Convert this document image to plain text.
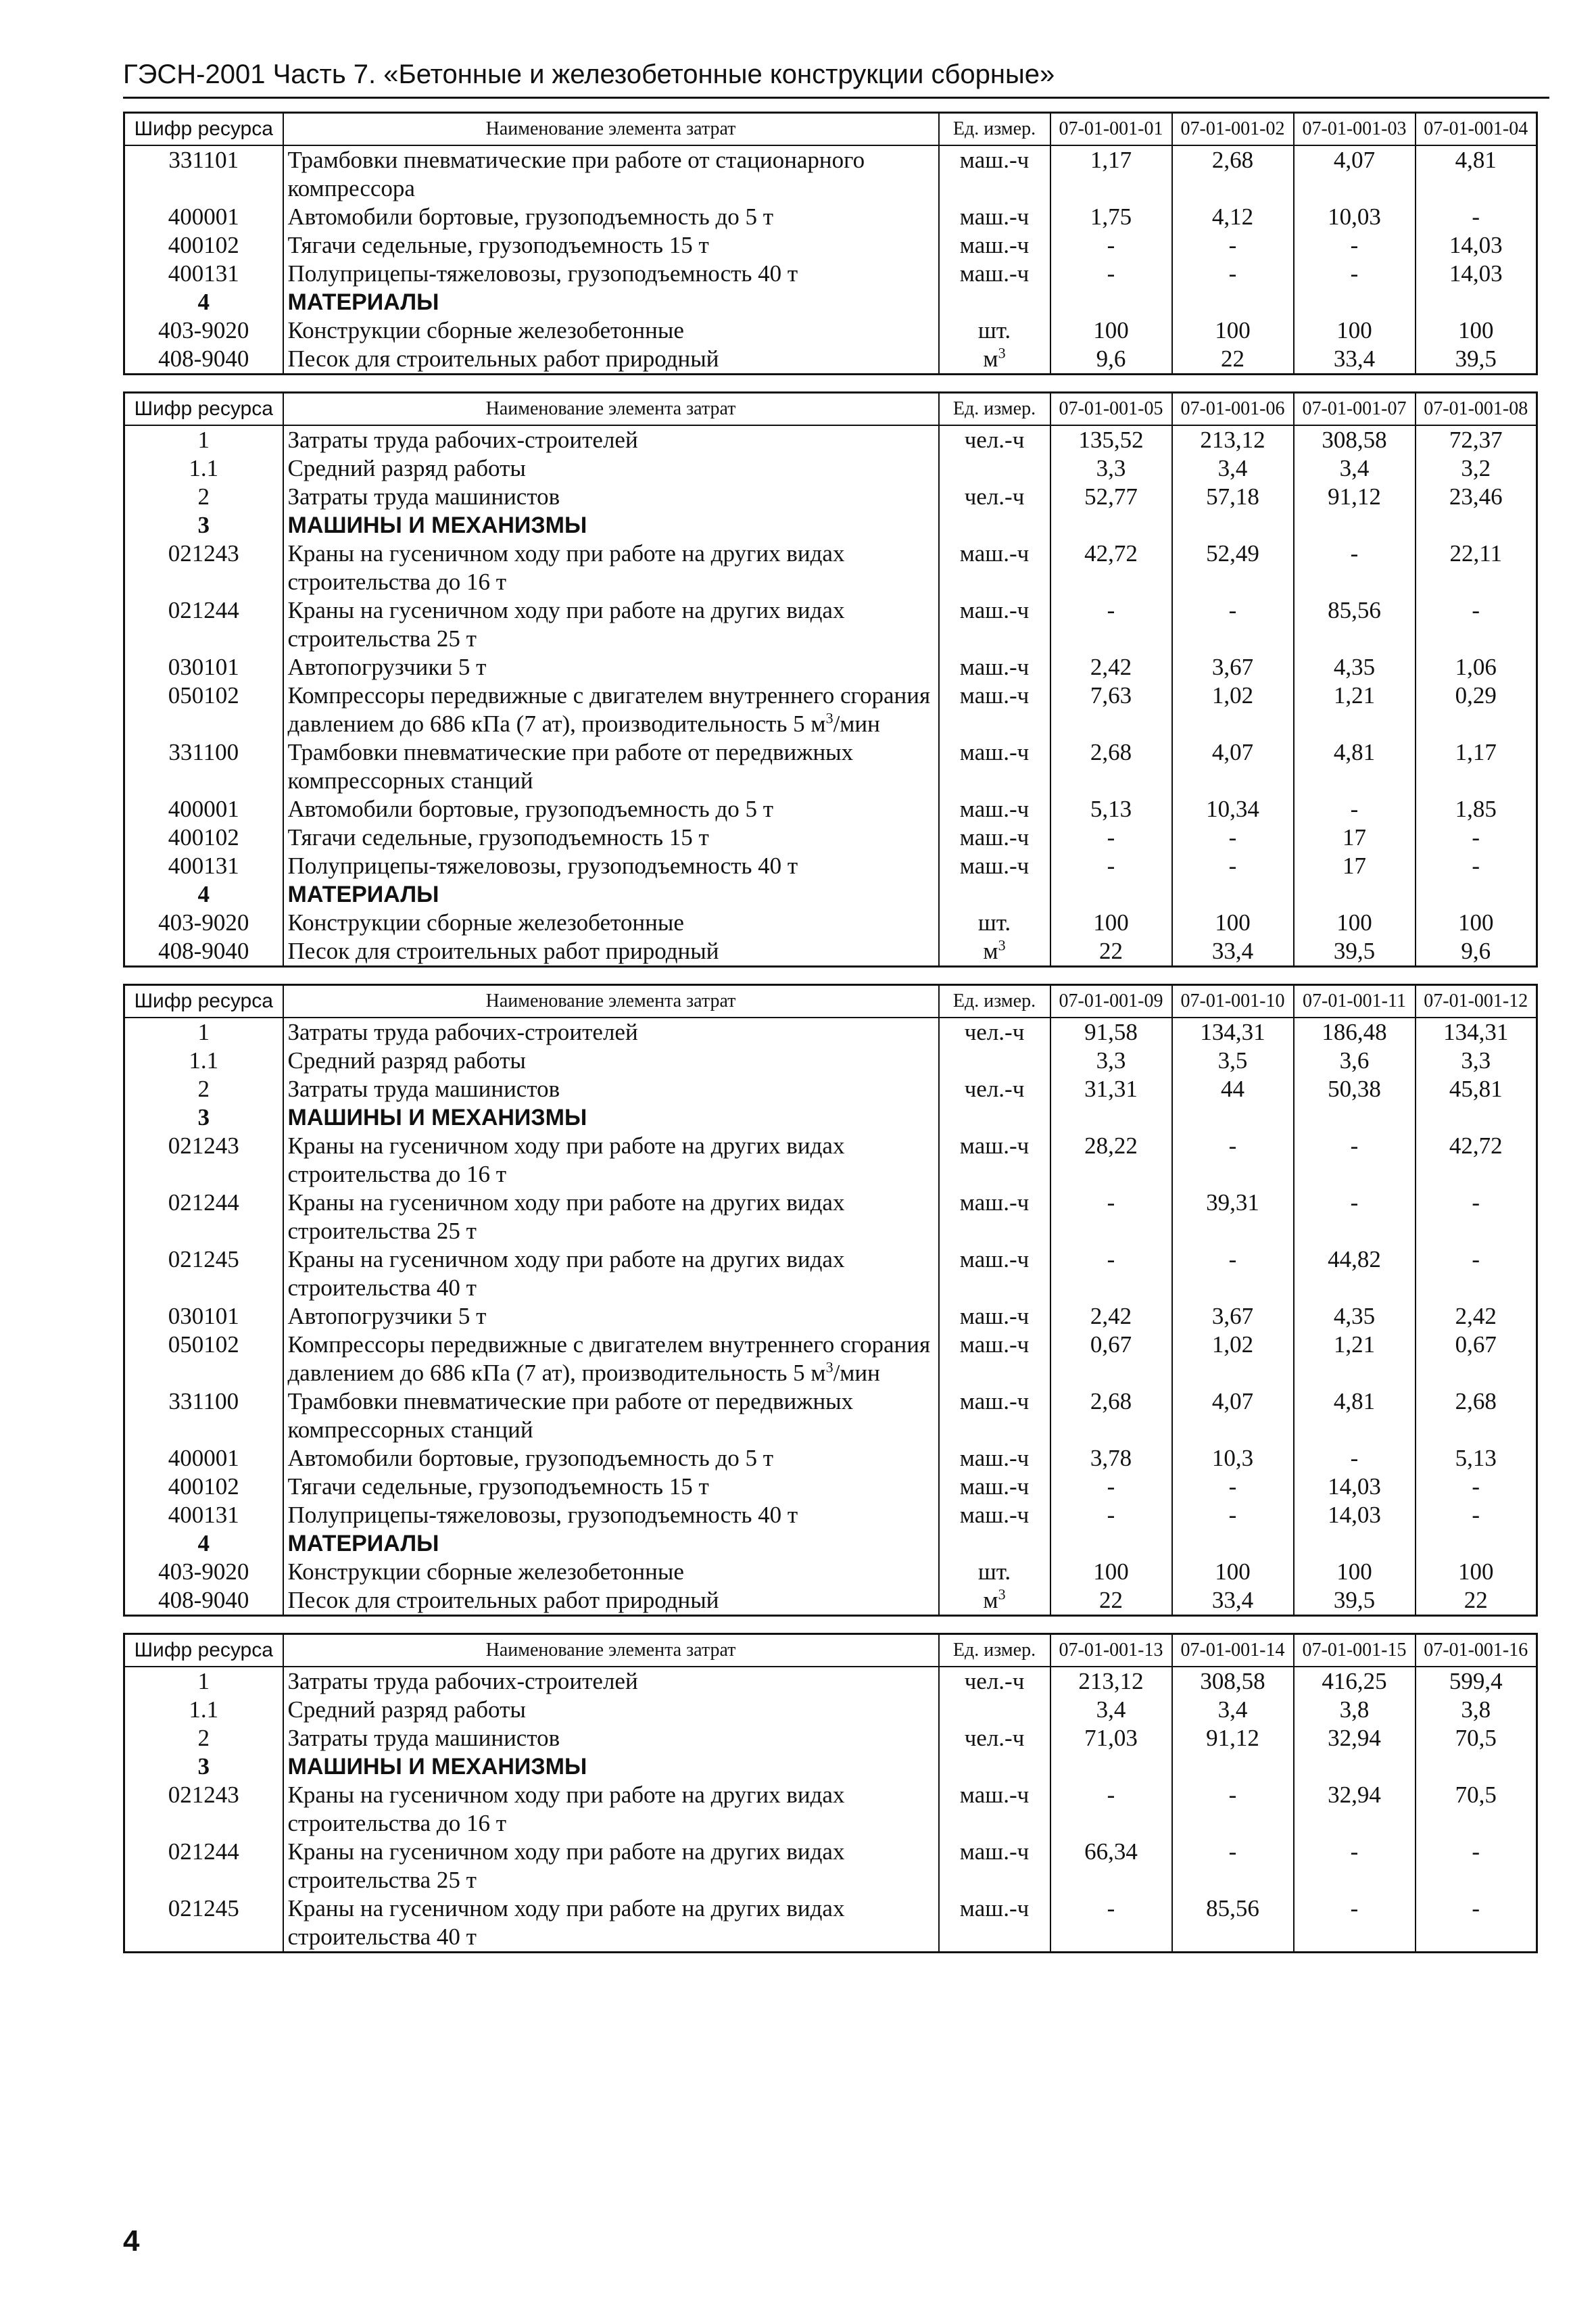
ГЭСН-2001 Часть 7. «Бетонные и железобетонные конструкции сборные»
Шифр ресурса	Наименование элемента затрат	Ед. измер.	07-01-001-01	07-01-001-02	07-01-001-03	07-01-001-04
331101	Трамбовки пневматические при работе от стационарного компрессора	маш.-ч	1,17	2,68	4,07	4,81
400001	Автомобили бортовые, грузоподъемность до 5 т	маш.-ч	1,75	4,12	10,03	-
400102	Тягачи седельные, грузоподъемность 15 т	маш.-ч	-	-	-	14,03
400131	Полуприцепы-тяжеловозы, грузоподъемность 40 т	маш.-ч	-	-	-	14,03
4	МАТЕРИАЛЫ					
403-9020	Конструкции сборные железобетонные	шт.	100	100	100	100
408-9040	Песок для строительных работ природный	$м^3$	9,6	22	33,4	39,5
Шифр ресурса	Наименование элемента затрат	Ед. измер.	07-01-001-05	07-01-001-06	07-01-001-07	07-01-001-08
1	Затраты труда рабочих-строителей	чел.-ч	135,52	213,12	308,58	72,37
1.1	Средний разряд работы		3,3	3,4	3,4	3,2
2	Затраты труда машинистов	чел.-ч	52,77	57,18	91,12	23,46
3	МАШИНЫ И МЕХАНИЗМЫ					
021243	Краны на гусеничном ходу при работе на других видах строительства до 16 т	маш.-ч	42,72	52,49	-	22,11
021244	Краны на гусеничном ходу при работе на других видах строительства 25 т	маш.-ч	-	-	85,56	-
030101	Автопогрузчики 5 т	маш.-ч	2,42	3,67	4,35	1,06
050102	Компрессоры передвижные с двигателем внутреннего сгорания давлением до 686 кПа (7 ат), производительность 5 $м^3$/мин	маш.-ч	7,63	1,02	1,21	0,29
331100	Трамбовки пневматические при работе от передвижных компрессорных станций	маш.-ч	2,68	4,07	4,81	1,17
400001	Автомобили бортовые, грузоподъемность до 5 т	маш.-ч	5,13	10,34	-	1,85
400102	Тягачи седельные, грузоподъемность 15 т	маш.-ч	-	-	17	-
400131	Полуприцепы-тяжеловозы, грузоподъемность 40 т	маш.-ч	-	-	17	-
4	МАТЕРИАЛЫ					
403-9020	Конструкции сборные железобетонные	шт.	100	100	100	100
408-9040	Песок для строительных работ природный	$м^3$	22	33,4	39,5	9,6
Шифр ресурса	Наименование элемента затрат	Ед. измер.	07-01-001-09	07-01-001-10	07-01-001-11	07-01-001-12
1	Затраты труда рабочих-строителей	чел.-ч	91,58	134,31	186,48	134,31
1.1	Средний разряд работы		3,3	3,5	3,6	3,3
2	Затраты труда машинистов	чел.-ч	31,31	44	50,38	45,81
3	МАШИНЫ И МЕХАНИЗМЫ					
021243	Краны на гусеничном ходу при работе на других видах строительства до 16 т	маш.-ч	28,22	-	-	42,72
021244	Краны на гусеничном ходу при работе на других видах строительства 25 т	маш.-ч	-	39,31	-	-
021245	Краны на гусеничном ходу при работе на других видах строительства 40 т	маш.-ч	-	-	44,82	-
030101	Автопогрузчики 5 т	маш.-ч	2,42	3,67	4,35	2,42
050102	Компрессоры передвижные с двигателем внутреннего сгорания давлением до 686 кПа (7 ат), производительность 5 $м^3$/мин	маш.-ч	0,67	1,02	1,21	0,67
331100	Трамбовки пневматические при работе от передвижных компрессорных станций	маш.-ч	2,68	4,07	4,81	2,68
400001	Автомобили бортовые, грузоподъемность до 5 т	маш.-ч	3,78	10,3	-	5,13
400102	Тягачи седельные, грузоподъемность 15 т	маш.-ч	-	-	14,03	-
400131	Полуприцепы-тяжеловозы, грузоподъемность 40 т	маш.-ч	-	-	14,03	-
4	МАТЕРИАЛЫ					
403-9020	Конструкции сборные железобетонные	шт.	100	100	100	100
408-9040	Песок для строительных работ природный	$м^3$	22	33,4	39,5	22
Шифр ресурса	Наименование элемента затрат	Ед. измер.	07-01-001-13	07-01-001-14	07-01-001-15	07-01-001-16
1	Затраты труда рабочих-строителей	чел.-ч	213,12	308,58	416,25	599,4
1.1	Средний разряд работы		3,4	3,4	3,8	3,8
2	Затраты труда машинистов	чел.-ч	71,03	91,12	32,94	70,5
3	МАШИНЫ И МЕХАНИЗМЫ					
021243	Краны на гусеничном ходу при работе на других видах строительства до 16 т	маш.-ч	-	-	32,94	70,5
021244	Краны на гусеничном ходу при работе на других видах строительства 25 т	маш.-ч	66,34	-	-	-
021245	Краны на гусеничном ходу при работе на других видах строительства 40 т	маш.-ч	-	85,56	-	-
4
